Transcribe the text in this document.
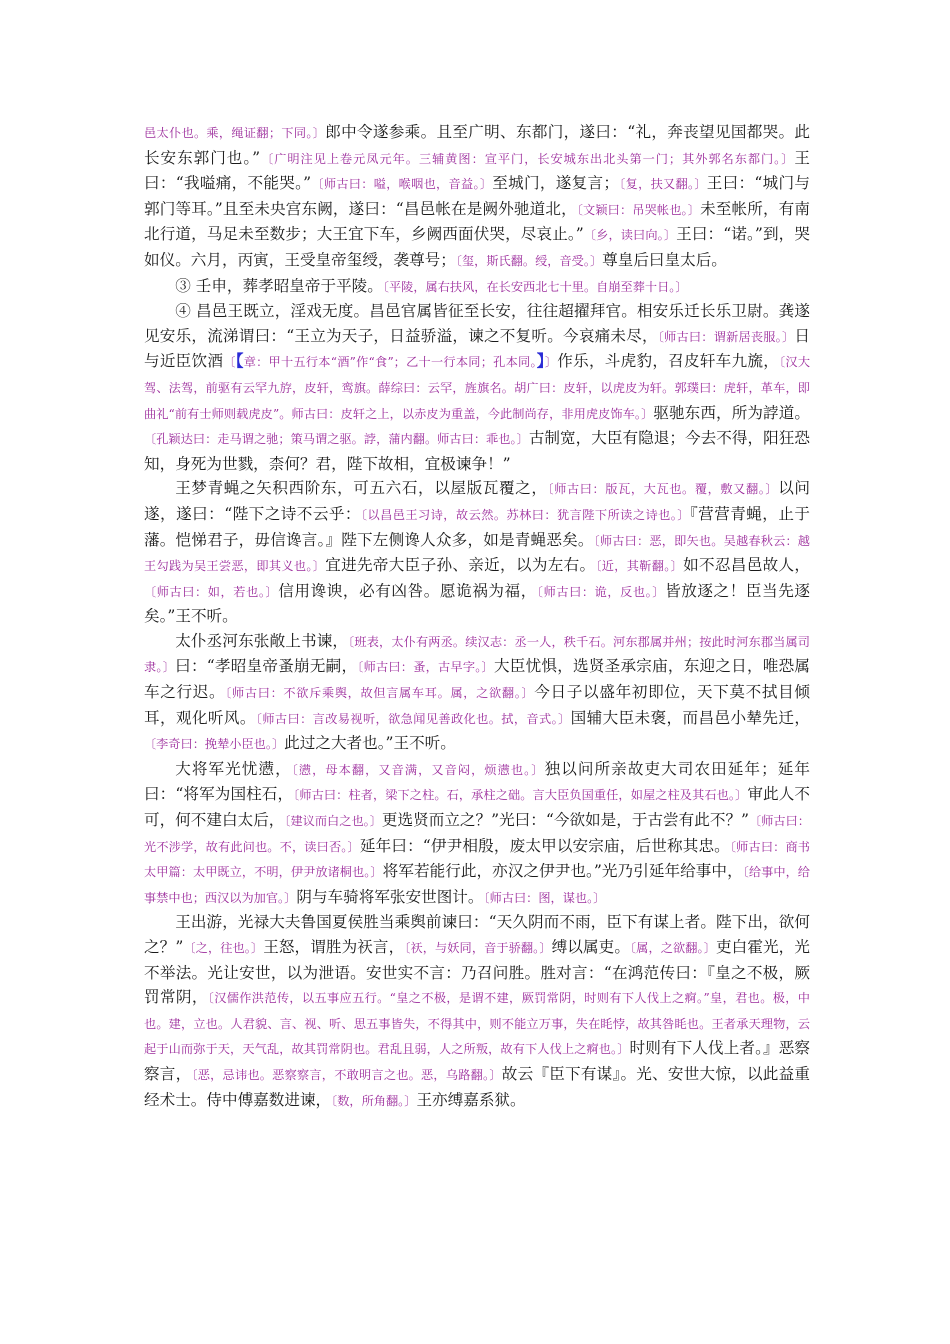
邑太仆也。乘，绳证翻；下同。〕郎中令遂参乘。且至广明、东都门，遂曰：“礼，奔丧望见国都哭。此长安东郭门也。”〔广明注见上卷元凤元年。三辅黄图：宣平门，长安城东出北头第一门；其外郭名东都门。〕王曰：“我嗌痛，不能哭。”〔师古曰：嗌，喉咽也，音益。〕至城门，遂复言；〔复，扶又翻。〕王曰：“城门与郭门等耳。”且至未央宫东阙，遂曰：“昌邑帐在是阙外驰道北，〔文颖曰：吊哭帐也。〕未至帐所，有南北行道，马足未至数步；大王宜下车，乡阙西面伏哭，尽哀止。”〔乡，读曰向。〕王曰：“诺。”到，哭如仪。六月，丙寅，王受皇帝玺绶，袭尊号；〔玺，斯氏翻。绶，音受。〕尊皇后曰皇太后。

③ 壬申，葬孝昭皇帝于平陵。〔平陵，属右扶风，在长安西北七十里。自崩至葬十日。〕

④ 昌邑王既立，淫戏无度。昌邑官属皆征至长安，往往超擢拜官。相安乐迁长乐卫尉。龚遂见安乐，流涕谓曰：“王立为天子，日益骄溢，谏之不复听。今哀痛未尽，〔师古曰：谓新居丧服。〕日与近臣饮酒〔【章：甲十五行本“酒”作“食”；乙十一行本同；孔本同。】〕作乐，斗虎豹，召皮轩车九旒，〔汉大驾、法驾，前驱有云罕九斿，皮轩，鸾旗。薛综曰：云罕，旌旗名。胡广曰：皮轩，以虎皮为轩。郭璞曰：虎轩，革车，即曲礼“前有士师则载虎皮”。师古曰：皮轩之上，以赤皮为重盖，今此制尚存，非用虎皮饰车。〕驱驰东西，所为誖道。〔孔颖达曰：走马谓之驰；策马谓之驱。誖，蒲内翻。师古曰：乖也。〕古制宽，大臣有隐退；今去不得，阳狂恐知，身死为世戮，柰何？君，陛下故相，宜极谏争！”

王梦青蝇之矢积西阶东，可五六石，以屋版瓦覆之，〔师古曰：版瓦，大瓦也。覆，敷又翻。〕以问遂，遂曰：“陛下之诗不云乎：〔以昌邑王习诗，故云然。苏林曰：犹言陛下所读之诗也。〕『营营青蝇，止于藩。恺悌君子，毋信谗言。』陛下左侧谗人众多，如是青蝇恶矣。〔师古曰：恶，即矢也。吴越春秋云：越王勾践为吴王尝恶，即其义也。〕宜进先帝大臣子孙、亲近，以为左右。〔近，其靳翻。〕如不忍昌邑故人，〔师古曰：如，若也。〕信用谗谀，必有凶咎。愿诡祸为福，〔师古曰：诡，反也。〕皆放逐之！臣当先逐矣。”王不听。

太仆丞河东张敞上书谏，〔班表，太仆有两丞。续汉志：丞一人，秩千石。河东郡属并州；按此时河东郡当属司隶。〕曰：“孝昭皇帝蚤崩无嗣，〔师古曰：蚤，古早字。〕大臣忧惧，选贤圣承宗庙，东迎之日，唯恐属车之行迟。〔师古曰：不欲斥乘舆，故但言属车耳。属，之欲翻。〕今日子以盛年初即位，天下莫不拭目倾耳，观化听风。〔师古曰：言改易视听，欲急闻见善政化也。拭，音式。〕国辅大臣未褒，而昌邑小辇先迁，〔李奇曰：挽辇小臣也。〕此过之大者也。”王不听。

大将军光忧懑，〔懑，母本翻，又音满，又音闷，烦懑也。〕独以问所亲故吏大司农田延年；延年曰：“将军为国柱石，〔师古曰：柱者，梁下之柱。石，承柱之础。言大臣负国重任，如屋之柱及其石也。〕审此人不可，何不建白太后，〔建议而白之也。〕更选贤而立之？”光曰：“今欲如是，于古尝有此不？”〔师古曰：光不涉学，故有此问也。不，读曰否。〕延年曰：“伊尹相殷，废太甲以安宗庙，后世称其忠。〔师古曰：商书太甲篇：太甲既立，不明，伊尹放诸桐也。〕将军若能行此，亦汉之伊尹也。”光乃引延年给事中，〔给事中，给事禁中也；西汉以为加官。〕阴与车骑将军张安世图计。〔师古曰：图，谋也。〕

王出游，光禄大夫鲁国夏侯胜当乘舆前谏曰：“天久阴而不雨，臣下有谋上者。陛下出，欲何之？”〔之，往也。〕王怒，谓胜为祆言，〔祆，与妖同，音于骄翻。〕缚以属吏。〔属，之欲翻。〕吏白霍光，光不举法。光让安世，以为泄语。安世实不言：乃召问胜。胜对言：“在鸿范传曰：『皇之不极，厥罚常阴，〔汉儒作洪范传，以五事应五行。“皇之不极，是谓不建，厥罚常阴，时则有下人伐上之痾。”皇，君也。极，中也。建，立也。人君貌、言、视、听、思五事皆失，不得其中，则不能立万事，失在眊悖，故其咎眊也。王者承天理物，云起于山而弥于天，天气乱，故其罚常阴也。君乱且弱，人之所叛，故有下人伐上之痾也。〕时则有下人伐上者。』恶察察言，〔恶，忌讳也。恶察察言，不敢明言之也。恶，乌路翻。〕故云『臣下有谋』。光、安世大惊，以此益重经术士。侍中傅嘉数进谏，〔数，所角翻。〕王亦缚嘉系狱。
